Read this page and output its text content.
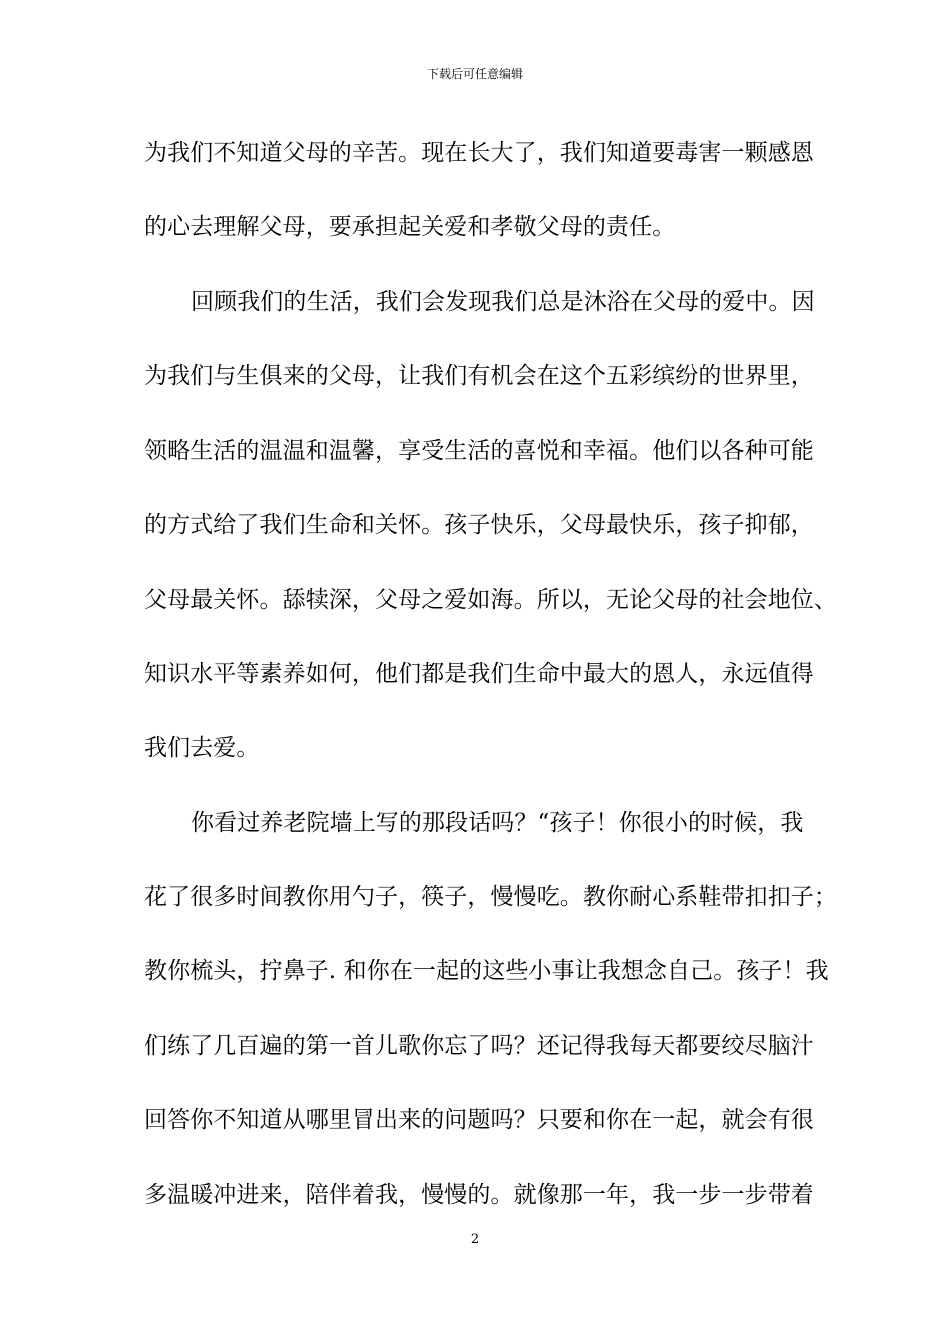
下载后可任意编辑
为我们不知道父母的辛苦。现在长大了，我们知道要毒害一颗感恩
的心去理解父母，要承担起关爱和孝敬父母的责任。
回顾我们的生活，我们会发现我们总是沐浴在父母的爱中。因
为我们与生俱来的父母，让我们有机会在这个五彩缤纷的世界里，
领略生活的温温和温馨，享受生活的喜悦和幸福。他们以各种可能
的方式给了我们生命和关怀。孩子快乐，父母最快乐，孩子抑郁，
父母最关怀。舔犊深，父母之爱如海。所以，无论父母的社会地位、
知识水平等素养如何，他们都是我们生命中最大的恩人，永远值得
我们去爱。
你看过养老院墙上写的那段话吗？“孩子！你很小的时候，我
花了很多时间教你用勺子，筷子，慢慢吃。教你耐心系鞋带扣扣子；
教你梳头，拧鼻子. 和你在一起的这些小事让我想念自己。孩子！我
们练了几百遍的第一首儿歌你忘了吗？还记得我每天都要绞尽脑汁
回答你不知道从哪里冒出来的问题吗？只要和你在一起，就会有很
多温暖冲进来，陪伴着我，慢慢的。就像那一年，我一步一步带着
2
